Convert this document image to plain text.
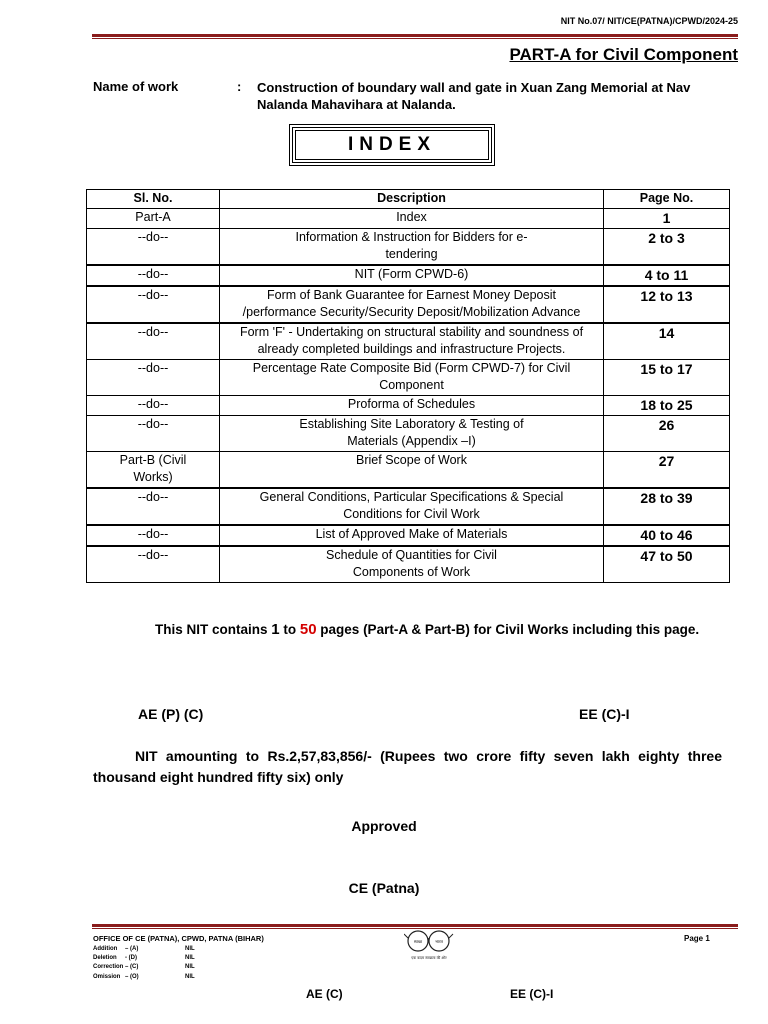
NIT No.07/ NIT/CE(PATNA)/CPWD/2024-25
PART-A for Civil Component
Name of work	: Construction of boundary wall and gate in Xuan Zang Memorial at Nav Nalanda Mahavihara at Nalanda.
INDEX
Sl. No.	Description	Page No.
Part-A	Index	1
--do--	Information & Instruction for Bidders for e-tendering	2 to 3
--do--	NIT (Form CPWD-6)	4 to 11
--do--	Form of Bank Guarantee for Earnest Money Deposit /performance Security/Security Deposit/Mobilization Advance	12 to 13
--do--	Form 'F' - Undertaking on structural stability and soundness of already completed buildings and infrastructure Projects.	14
--do--	Percentage Rate Composite Bid (Form CPWD-7) for Civil Component	15 to 17
--do--	Proforma of Schedules	18 to 25
--do--	Establishing Site Laboratory & Testing of Materials (Appendix –I)	26
Part-B (Civil Works)	Brief Scope of Work	27
--do--	General Conditions, Particular Specifications & Special Conditions for Civil Work	28 to 39
--do--	List of Approved Make of Materials	40 to 46
--do--	Schedule of Quantities for Civil Components of Work	47 to 50
This NIT contains 1 to 50 pages (Part-A & Part-B) for Civil Works including this page.
AE (P) (C)	EE (C)-I
NIT amounting to Rs.2,57,83,856/- (Rupees two crore fifty seven lakh eighty three thousand eight hundred fifty six) only
Approved
CE (Patna)
OFFICE OF CE (PATNA), CPWD, PATNA (BIHAR)	Page 1
Addition	– (A)	NIL
Deletion	- (D)	NIL
Correction – (C)	NIL
Omission – (O)	NIL
स्वच्छ	भारत
एक कदम स्वच्छता की ओर
AE (C)	EE (C)-I
